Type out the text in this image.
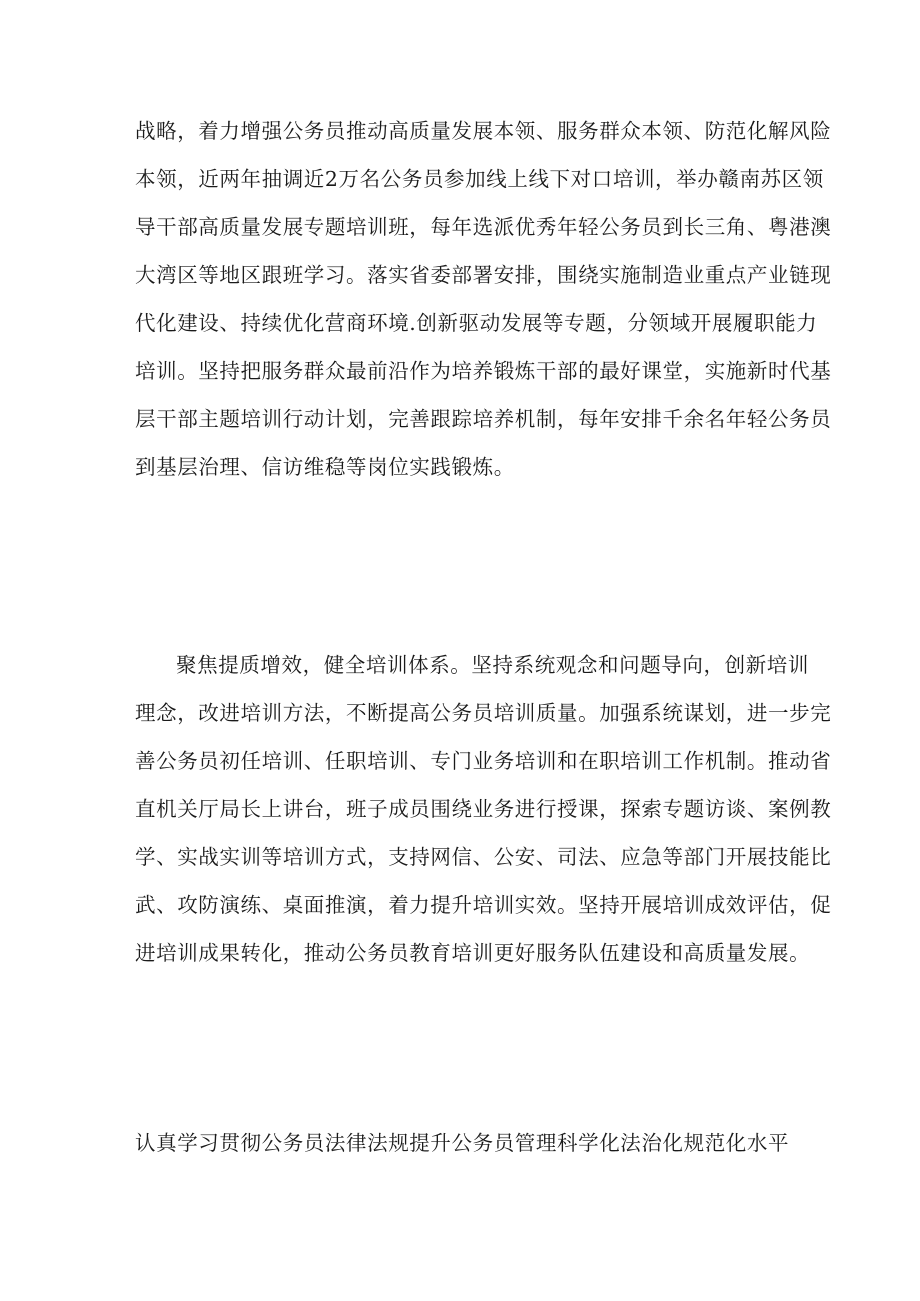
战略，着力增强公务员推动高质量发展本领、服务群众本领、防范化解风险

本领，近两年抽调近2万名公务员参加线上线下对口培训，举办赣南苏区领

导干部高质量发展专题培训班，每年选派优秀年轻公务员到长三角、粤港澳

大湾区等地区跟班学习。落实省委部署安排，围绕实施制造业重点产业链现

代化建设、持续优化营商环境.创新驱动发展等专题，分领域开展履职能力

培训。坚持把服务群众最前沿作为培养锻炼干部的最好课堂，实施新时代基

层干部主题培训行动计划，完善跟踪培养机制，每年安排千余名年轻公务员

到基层治理、信访维稳等岗位实践锻炼。

聚焦提质增效，健全培训体系。坚持系统观念和问题导向，创新培训

理念，改进培训方法，不断提高公务员培训质量。加强系统谋划，进一步完

善公务员初任培训、任职培训、专门业务培训和在职培训工作机制。推动省

直机关厅局长上讲台，班子成员围绕业务进行授课，探索专题访谈、案例教

学、实战实训等培训方式，支持网信、公安、司法、应急等部门开展技能比

武、攻防演练、桌面推演，着力提升培训实效。坚持开展培训成效评估，促

进培训成果转化，推动公务员教育培训更好服务队伍建设和高质量发展。

认真学习贯彻公务员法律法规提升公务员管理科学化法治化规范化水平
